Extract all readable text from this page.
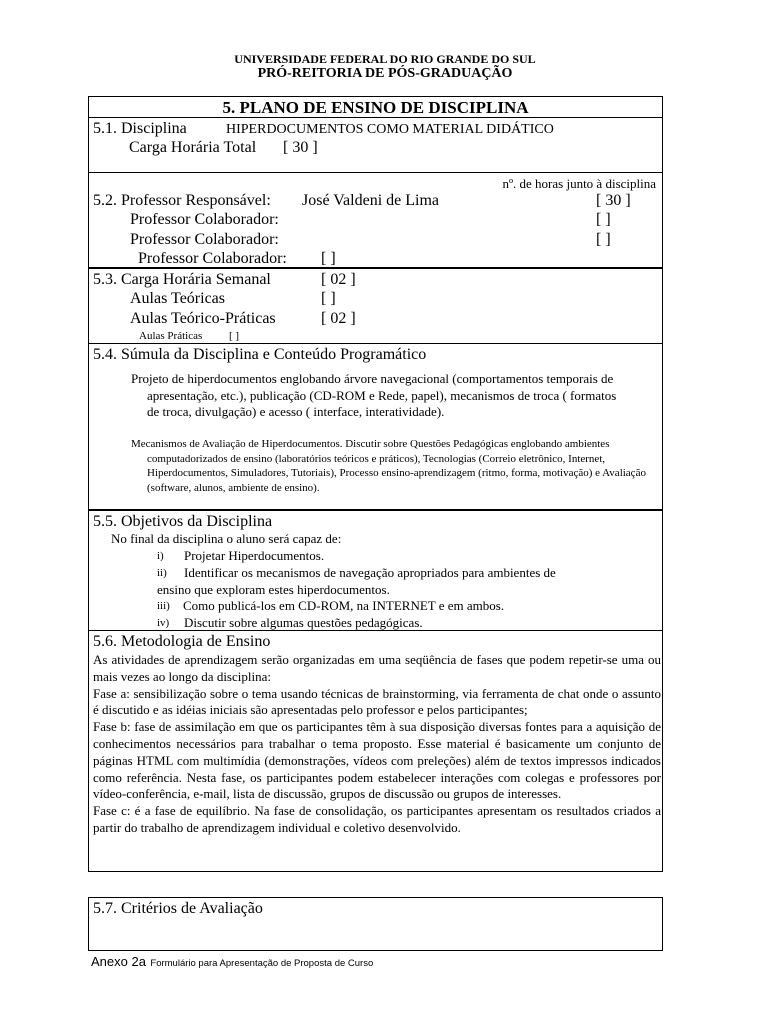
UNIVERSIDADE FEDERAL DO RIO GRANDE DO SUL
PRÓ-REITORIA DE PÓS-GRADUAÇÃO
5. PLANO DE ENSINO DE DISCIPLINA
5.1. Disciplina	HIPERDOCUMENTOS COMO MATERIAL DIDÁTICO
Carga Horária Total [ 30 ]
nº. de horas junto à disciplina
5.2. Professor Responsável: José Valdeni de Lima	[ 30 ]
Professor Colaborador:	[ ]
Professor Colaborador:	[ ]
Professor Colaborador: [ ]
5.3. Carga Horária Semanal	[ 02 ]
Aulas Teóricas	[ ]
Aulas Teórico-Práticas	[ 02 ]
Aulas Práticas [ ]
5.4. Súmula da Disciplina e Conteúdo Programático
Projeto de hiperdocumentos englobando árvore navegacional (comportamentos temporais de apresentação, etc.), publicação (CD-ROM e Rede, papel), mecanismos de troca ( formatos de troca, divulgação) e acesso ( interface, interatividade).
Mecanismos de Avaliação de Hiperdocumentos. Discutir sobre Questões Pedagógicas englobando ambientes computadorizados de ensino (laboratórios teóricos e práticos), Tecnologias (Correio eletrônico, Internet, Hiperdocumentos, Simuladores, Tutoriais), Processo ensino-aprendizagem (ritmo, forma, motivação) e Avaliação (software, alunos, ambiente de ensino).
5.5. Objetivos da Disciplina
No final da disciplina o aluno será capaz de:
i) Projetar Hiperdocumentos.
ii) Identificar os mecanismos de navegação apropriados para ambientes de
ensino que exploram estes hiperdocumentos.
iii) Como publicá-los em CD-ROM, na INTERNET e em ambos.
iv) Discutir sobre algumas questões pedagógicas.
5.6. Metodologia de Ensino

As atividades de aprendizagem serão organizadas em uma seqüência de fases que podem repetir-se uma ou mais vezes ao longo da disciplina:

Fase a: sensibilização sobre o tema usando técnicas de brainstorming, via ferramenta de chat onde o assunto é discutido e as idéias iniciais são apresentadas pelo professor e pelos participantes;

Fase b: fase de assimilação em que os participantes têm à sua disposição diversas fontes para a aquisição de conhecimentos necessários para trabalhar o tema proposto. Esse material é basicamente um conjunto de páginas HTML com multimídia (demonstrações, vídeos com preleções) além de textos impressos indicados como referência. Nesta fase, os participantes podem estabelecer interações com colegas e professores por vídeo-conferência, e-mail, lista de discussão, grupos de discussão ou grupos de interesses.

Fase c: é a fase de equilíbrio. Na fase de consolidação, os participantes apresentam os resultados criados a partir do trabalho de aprendizagem individual e coletivo desenvolvido.

5.7. Critérios de Avaliação
Anexo 2a Formulário para Apresentação de Proposta de Curso
